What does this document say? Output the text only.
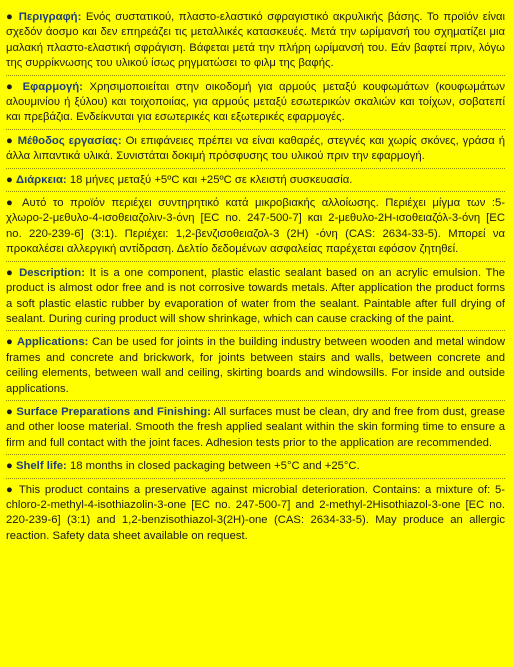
● Περιγραφή: Ενός συστατικού, πλαστο-ελαστικό σφραγιστικό ακρυλικής βάσης. Το προϊόν είναι σχεδόν άοσμο και δεν επηρεάζει τις μεταλλικές κατασκευές. Μετά την ωρίμανσή του σχηματίζει μια μαλακή πλαστο-ελαστική σφράγιση. Βάφεται μετά την πλήρη ωρίμανσή του. Εάν βαφτεί πριν, λόγω της συρρίκνωσης του υλικού ίσως ρηγματώσει το φιλμ της βαφής.

● Εφαρμογή: Χρησιμοποιείται στην οικοδομή για αρμούς μεταξύ κουφωμάτων (κουφωμάτων αλουμινίου ή ξύλου) και τοιχοποιίας, για αρμούς μεταξύ εσωτερικών σκαλιών και τοίχων, σοβατεπί και πρεβάζια. Ενδείκνυται για εσωτερικές και εξωτερικές εφαρμογές.

● Μέθοδος εργασίας: Οι επιφάνειες πρέπει να είναι καθαρές, στεγνές και χωρίς σκόνες, γράσα ή άλλα λιπαντικά υλικά. Συνιστάται δοκιμή πρόσφυσης του υλικού πριν την εφαρμογή.

● Διάρκεια: 18 μήνες μεταξύ +5ºC και +25ºC σε κλειστή συσκευασία.

● Αυτό το προϊόν περιέχει συντηρητικό κατά μικροβιακής αλλοίωσης. Περιέχει μίγμα των :5-χλωρο-2-μεθυλο-4-ισοθειαζολιν-3-όνη [EC no. 247-500-7] και 2-μεθυλο-2Η-ισοθειαζόλ-3-όνη [EC no. 220-239-6] (3:1). Περιέχει: 1,2-βενζισοθειαζολ-3 (2Η) -όνη (CAS: 2634-33-5). Μπορεί να προκαλέσει αλλεργική αντίδραση. Δελτίο δεδομένων ασφαλείας παρέχεται εφόσον ζητηθεί.

● Description: It is a one component, plastic elastic sealant based on an acrylic emulsion. The product is almost odor free and is not corrosive towards metals. After application the product forms a soft plastic elastic rubber by evaporation of water from the sealant. Paintable after full drying of sealant. During curing product will show shrinkage, which can cause cracking of the paint.

● Applications: Can be used for joints in the building industry between wooden and metal window frames and concrete and brickwork, for joints between stairs and walls, between concrete and ceiling elements, between wall and ceiling, skirting boards and windowsills. For inside and outside applications.

● Surface Preparations and Finishing: All surfaces must be clean, dry and free from dust, grease and other loose material. Smooth the fresh applied sealant within the skin forming time to ensure a firm and full contact with the joint faces. Adhesion tests prior to the application are recommended.

● Shelf life: 18 months in closed packaging between +5°C and +25°C.

● This product contains a preservative against microbial deterioration. Contains: a mixture of: 5-chloro-2-methyl-4-isothiazolin-3-one [EC no. 247-500-7] and 2-methyl-2Hisothiazol-3-one [EC no. 220-239-6] (3:1) and 1,2-benzisothiazol-3(2H)-one (CAS: 2634-33-5). May produce an allergic reaction. Safety data sheet available on request.
